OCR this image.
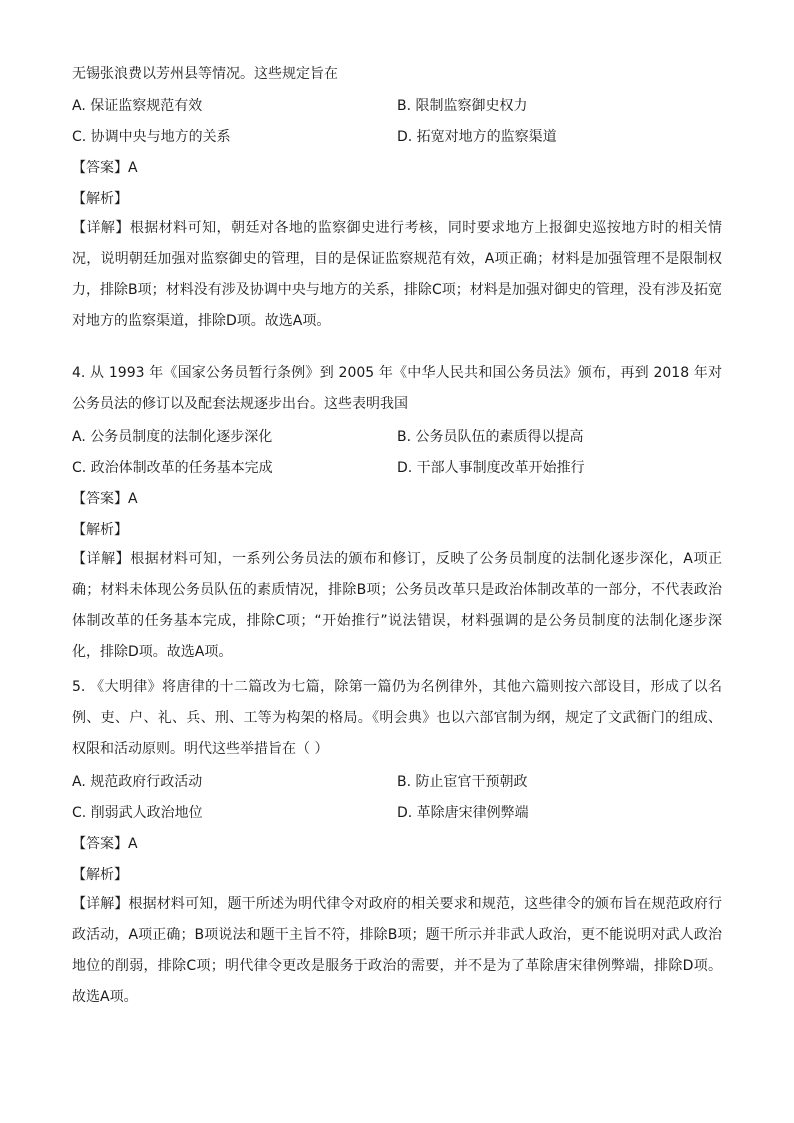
无锡张浪费以芳州县等情况。这些规定旨在

A. 保证监察规范有效	B. 限制监察御史权力
C. 协调中央与地方的关系	D. 拓宽对地方的监察渠道
【答案】A
【解析】

【详解】根据材料可知，朝廷对各地的监察御史进行考核，同时要求地方上报御史巡按地方时的相关情况，说明朝廷加强对监察御史的管理，目的是保证监察规范有效，A项正确；材料是加强管理不是限制权力，排除B项；材料没有涉及协调中央与地方的关系，排除C项；材料是加强对御史的管理，没有涉及拓宽对地方的监察渠道，排除D项。故选A项。

4. 从 1993 年《国家公务员暂行条例》到 2005 年《中华人民共和国公务员法》颁布，再到 2018 年对公务员法的修订以及配套法规逐步出台。这些表明我国

A. 公务员制度的法制化逐步深化	B. 公务员队伍的素质得以提高
C. 政治体制改革的任务基本完成	D. 干部人事制度改革开始推行
【答案】A
【解析】

【详解】根据材料可知，一系列公务员法的颁布和修订，反映了公务员制度的法制化逐步深化，A项正确；材料未体现公务员队伍的素质情况，排除B项；公务员改革只是政治体制改革的一部分，不代表政治体制改革的任务基本完成，排除C项；“开始推行”说法错误，材料强调的是公务员制度的法制化逐步深化，排除D项。故选A项。

5. 《大明律》将唐律的十二篇改为七篇，除第一篇仍为名例律外，其他六篇则按六部设目，形成了以名例、吏、户、礼、兵、刑、工等为构架的格局。《明会典》也以六部官制为纲，规定了文武衙门的组成、权限和活动原则。明代这些举措旨在（ ）

A. 规范政府行政活动	B. 防止宦官干预朝政
C. 削弱武人政治地位	D. 革除唐宋律例弊端
【答案】A
【解析】

【详解】根据材料可知，题干所述为明代律令对政府的相关要求和规范，这些律令的颁布旨在规范政府行政活动，A项正确；B项说法和题干主旨不符，排除B项；题干所示并非武人政治，更不能说明对武人政治地位的削弱，排除C项；明代律令更改是服务于政治的需要，并不是为了革除唐宋律例弊端，排除D项。故选A项。
